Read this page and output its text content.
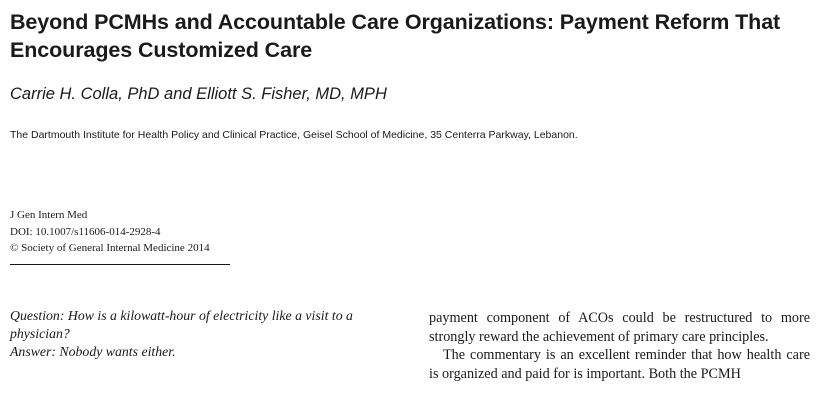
Beyond PCMHs and Accountable Care Organizations: Payment Reform That Encourages Customized Care
Carrie H. Colla, PhD and Elliott S. Fisher, MD, MPH
The Dartmouth Institute for Health Policy and Clinical Practice, Geisel School of Medicine, 35 Centerra Parkway, Lebanon.
J Gen Intern Med
DOI: 10.1007/s11606-014-2928-4
© Society of General Internal Medicine 2014

Question: How is a kilowatt-hour of electricity like a visit to a physician?

Answer: Nobody wants either.

payment component of ACOs could be restructured to more strongly reward the achievement of primary care principles.

The commentary is an excellent reminder that how health care is organized and paid for is important. Both the PCMH
